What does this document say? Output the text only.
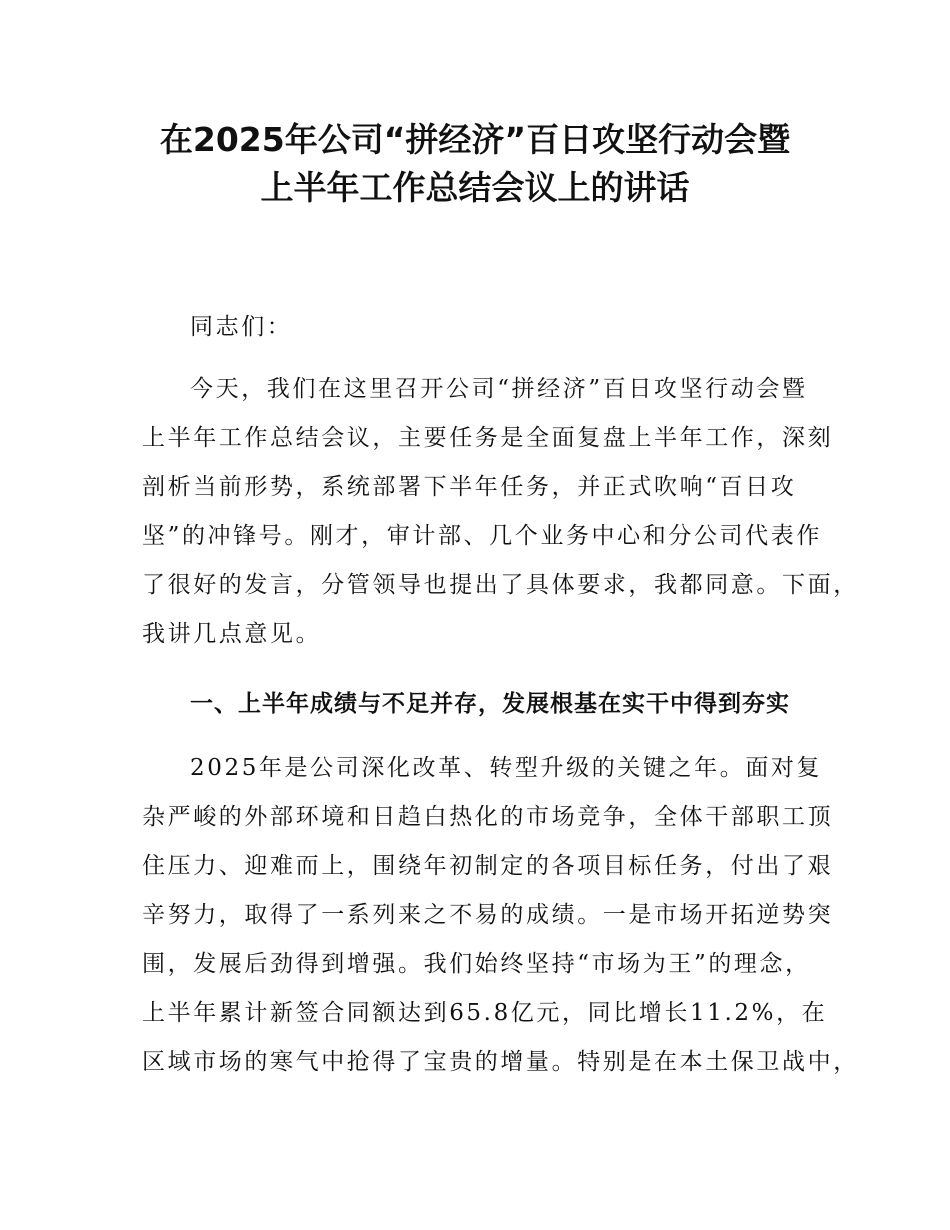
在2025年公司“拼经济”百日攻坚行动会暨
上半年工作总结会议上的讲话
同志们：
今天，我们在这里召开公司“拼经济”百日攻坚行动会暨
上半年工作总结会议，主要任务是全面复盘上半年工作，深刻
剖析当前形势，系统部署下半年任务，并正式吹响“百日攻
坚”的冲锋号。刚才，审计部、几个业务中心和分公司代表作
了很好的发言，分管领导也提出了具体要求，我都同意。下面，
我讲几点意见。
一、上半年成绩与不足并存，发展根基在实干中得到夯实
2025年是公司深化改革、转型升级的关键之年。面对复
杂严峻的外部环境和日趋白热化的市场竞争，全体干部职工顶
住压力、迎难而上，围绕年初制定的各项目标任务，付出了艰
辛努力，取得了一系列来之不易的成绩。一是市场开拓逆势突
围，发展后劲得到增强。我们始终坚持“市场为王”的理念，
上半年累计新签合同额达到65.8亿元，同比增长11.2%，在
区域市场的寒气中抢得了宝贵的增量。特别是在本土保卫战中，
